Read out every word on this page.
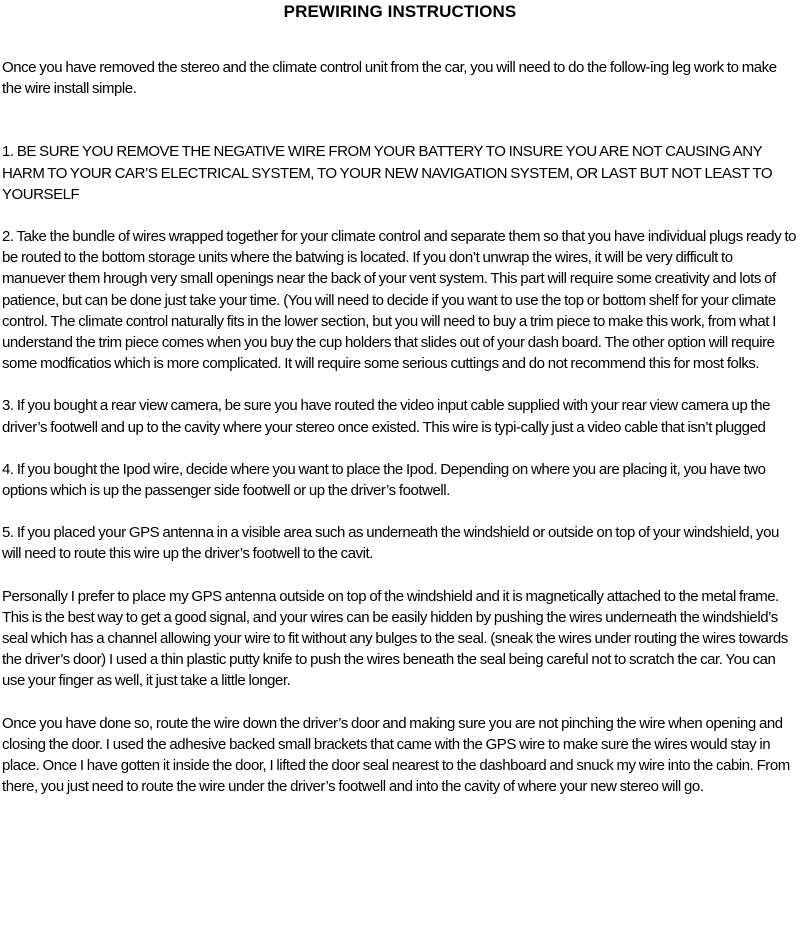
PREWIRING INSTRUCTIONS

Once you have removed the stereo and the climate control unit from the car, you will need to do the follow-ing leg work to make the wire install simple.

1. BE SURE YOU REMOVE THE NEGATIVE WIRE FROM YOUR BATTERY TO INSURE YOU ARE NOT CAUSING ANY HARM TO YOUR CAR’S ELECTRICAL SYSTEM, TO YOUR NEW NAVIGATION SYSTEM, OR LAST BUT NOT LEAST TO YOURSELF

2. Take the bundle of wires wrapped together for your climate control and separate them so that you have individual plugs ready to be routed to the bottom storage units where the batwing is located. If you don’t unwrap the wires, it will be very difficult to manuever them hrough very small openings near the back of your vent system. This part will require some creativity and lots of patience, but can be done just take your time. (You will need to decide if you want to use the top or bottom shelf for your climate control. The climate control naturally fits in the lower section, but you will need to buy a trim piece to make this work, from what I understand the trim piece comes when you buy the cup holders that slides out of your dash board. The other option will require some modficatios which is more complicated. It will require some serious cuttings and do not recommend this for most folks.

3. If you bought a rear view camera, be sure you have routed the video input cable supplied with your rear view camera up the driver’s footwell and up to the cavity where your stereo once existed. This wire is typi-cally just a video cable that isn’t plugged

4. If you bought the Ipod wire, decide where you want to place the Ipod. Depending on where you are placing it, you have two options which is up the passenger side footwell or up the driver’s footwell.

5. If you placed your GPS antenna in a visible area such as underneath the windshield or outside on top of your windshield, you will need to route this wire up the driver’s footwell to the cavit.

Personally I prefer to place my GPS antenna outside on top of the windshield and it is magnetically attached to the metal frame. This is the best way to get a good signal, and your wires can be easily hidden by pushing the wires underneath the windshield’s seal which has a channel allowing your wire to fit without any bulges to the seal. (sneak the wires under routing the wires towards the driver’s door) I used a thin plastic putty knife to push the wires beneath the seal being careful not to scratch the car. You can use your finger as well, it just take a little longer.

Once you have done so, route the wire down the driver’s door and making sure you are not pinching the wire when opening and closing the door. I used the adhesive backed small brackets that came with the GPS wire to make sure the wires would stay in place. Once I have gotten it inside the door, I lifted the door seal nearest to the dashboard and snuck my wire into the cabin. From there, you just need to route the wire under the driver’s footwell and into the cavity of where your new stereo will go.
